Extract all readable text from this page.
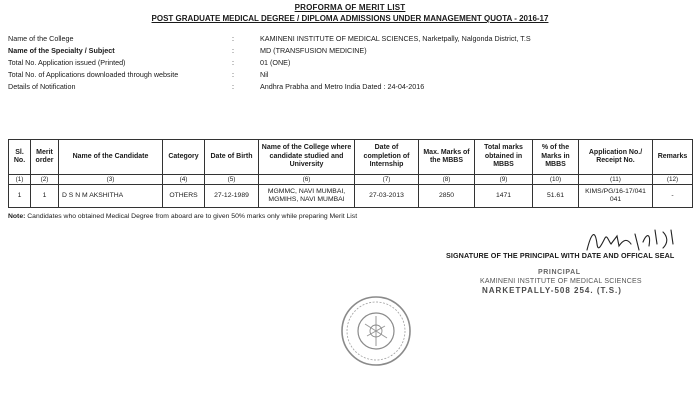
PROFORMA OF MERIT LIST
POST GRADUATE MEDICAL DEGREE / DIPLOMA ADMISSIONS UNDER MANAGEMENT QUOTA - 2016-17
Name of the College	:	KAMINENI INSTITUTE OF MEDICAL SCIENCES, Narketpally, Nalgonda District, T.S
Name of the Specialty / Subject	:	MD (TRANSFUSION MEDICINE)
Total No. Application issued (Printed)	:	01 (ONE)
Total No. of Applications downloaded through website	:	Nil
Details of Notification	:	Andhra Prabha and Metro India Dated : 24-04-2016
Sl. No.	Merit order	Name of the Candidate	Category	Date of Birth	Name of the College where candidate studied and University	Date of completion of Internship	Max. Marks of the MBBS	Total marks obtained in MBBS	% of the Marks in MBBS	Application No./ Receipt No.	Remarks
(1)	(2)	(3)	(4)	(5)	(6)	(7)	(8)	(9)	(10)	(11)	(12)
1	1	D S N M AKSHITHA	OTHERS	27-12-1989	MGMMC, NAVI MUMBAI, MGMIHS, NAVI MUMBAI	27-03-2013	2850	1471	51.61	KIMS/PG/16-17/041 041	-
Note: Candidates who obtained Medical Degree from aboard are to given 50% marks only while preparing Merit List
SIGNATURE OF THE PRINCIPAL WITH DATE AND OFFICAL SEAL
PRINCIPAL
KAMINENI INSTITUTE OF MEDICAL SCIENCES
NARKETPALLY-508 254. (T.S.)
